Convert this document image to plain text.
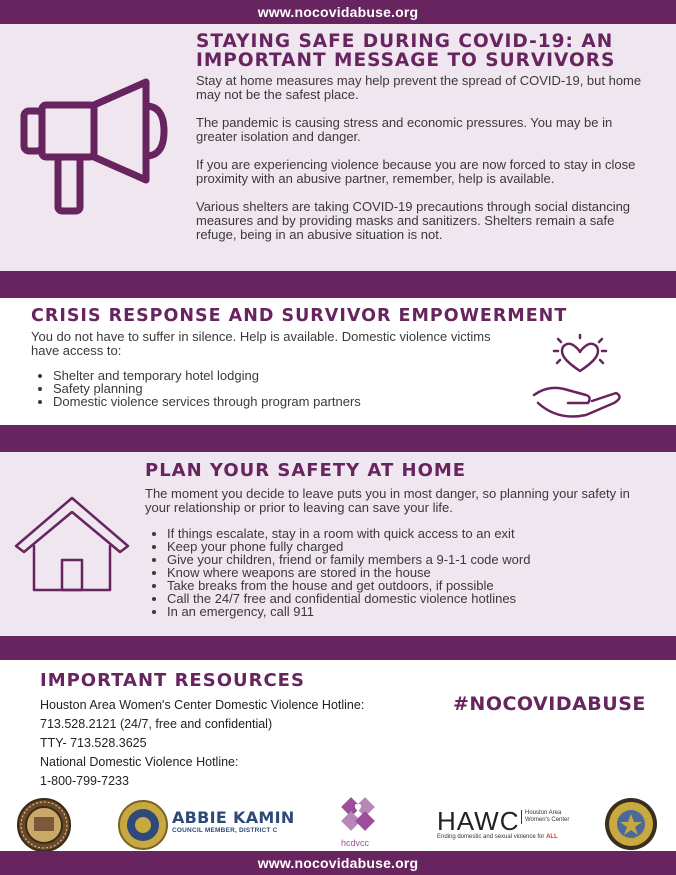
www.nocovidabuse.org
STAYING SAFE DURING COVID-19: AN
IMPORTANT MESSAGE TO SURVIVORS

Stay at home measures may help prevent the spread of COVID-19, but home may not be the safest place.

The pandemic is causing stress and economic pressures. You may be in greater isolation and danger.

If you are experiencing violence because you are now forced to stay in close proximity with an abusive partner, remember, help is available.

Various shelters are taking COVID-19 precautions through social distancing measures and by providing masks and sanitizers. Shelters remain a safe refuge, being in an abusive situation is not.

CRISIS RESPONSE AND SURVIVOR EMPOWERMENT
You do not have to suffer in silence. Help is available. Domestic violence victims have access to:
• Shelter and temporary hotel lodging
• Safety planning
• Domestic violence services through program partners
PLAN YOUR SAFETY AT HOME
The moment you decide to leave puts you in most danger, so planning your safety in your relationship or prior to leaving can save your life.
• If things escalate, stay in a room with quick access to an exit
• Keep your phone fully charged
• Give your children, friend or family members a 9-1-1 code word
• Know where weapons are stored in the house
• Take breaks from the house and get outdoors, if possible
• Call the 24/7 free and confidential domestic violence hotlines
• In an emergency, call 911
IMPORTANT RESOURCES
Houston Area Women's Center Domestic Violence Hotline:
713.528.2121 (24/7, free and confidential)
TTY- 713.528.3625
National Domestic Violence Hotline:
1-800-799-7233
#NOCOVIDABUSE
ABBIE KAMIN
COUNCIL MEMBER, DISTRICT C
hcdvcc
HAWC Houston Area Women's Center
Ending domestic and sexual violence for ALL
www.nocovidabuse.org
